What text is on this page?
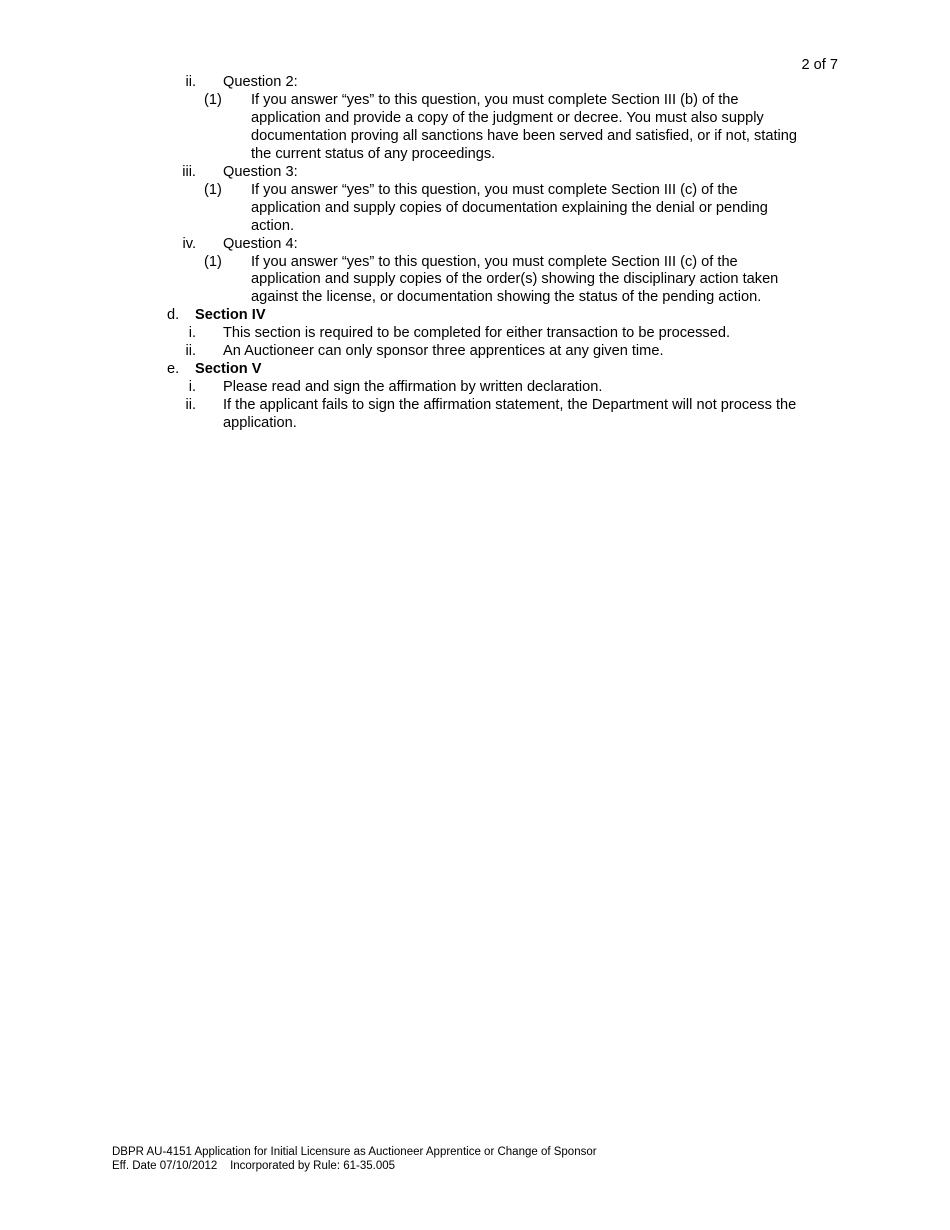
2 of 7
ii. Question 2:
(1) If you answer “yes” to this question, you must complete Section III (b) of the
application and provide a copy of the judgment or decree. You must also supply
documentation proving all sanctions have been served and satisfied, or if not, stating
the current status of any proceedings.
iii. Question 3:
(1) If you answer “yes” to this question, you must complete Section III (c) of the
application and supply copies of documentation explaining the denial or pending
action.
iv. Question 4:
(1) If you answer “yes” to this question, you must complete Section III (c) of the
application and supply copies of the order(s) showing the disciplinary action taken
against the license, or documentation showing the status of the pending action.
d. Section IV
i. This section is required to be completed for either transaction to be processed.
ii. An Auctioneer can only sponsor three apprentices at any given time.
e. Section V
i. Please read and sign the affirmation by written declaration.
ii. If the applicant fails to sign the affirmation statement, the Department will not process the
application.
DBPR AU-4151 Application for Initial Licensure as Auctioneer Apprentice or Change of Sponsor
Eff. Date 07/10/2012    Incorporated by Rule: 61-35.005
